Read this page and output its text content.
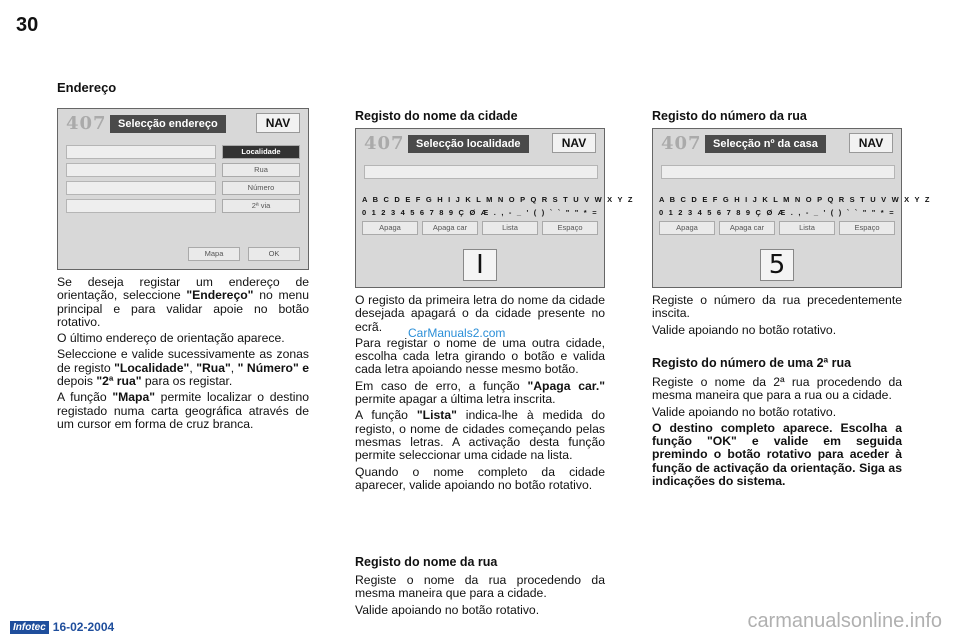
30
Endereço
407	Selecção endereço	NAV
Localidade
Rua
Número
2ª via
Mapa	OK

Se deseja registar um endereço de orientação, seleccione "Endereço" no menu principal e para validar apoie no botão rotativo.

O último endereço de orientação aparece.

Seleccione e valide sucessivamente as zonas de registo "Localidade", "Rua", " Número" e depois "2ª rua" para os registar.

A função "Mapa" permite localizar o destino registado numa carta geográfica através de um cursor em forma de cruz branca.

Registo do nome da cidade
407	Selecção localidade	NAV
A B C D E F G H I J K L M N O P Q R S T U V W X Y Z
0 1 2 3 4 5 6 7 8 9 Ç Ø Æ . , - _ ' ( ) ` ` " " * =
Apaga	Apaga car	Lista	Espaço
I

O registo da primeira letra do nome da cidade desejada apagará o da cidade presente no ecrã.

Para registar o nome de uma outra cidade, escolha cada letra girando o botão e valida cada letra apoiando nesse mesmo botão.

Em caso de erro, a função "Apaga car." permite apagar a última letra inscrita.

A função "Lista" indica-lhe à medida do registo, o nome de cidades começando pelas mesmas letras. A activação desta função permite seleccionar uma cidade na lista.

Quando o nome completo da cidade aparecer, valide apoiando no botão rotativo.

CarManuals2.com
Registo do nome da rua

Registe o nome da rua procedendo da mesma maneira que para a cidade.

Valide apoiando no botão rotativo.

Registo do número da rua
407	Selecção nº da casa	NAV
A B C D E F G H I J K L M N O P Q R S T U V W X Y Z
0 1 2 3 4 5 6 7 8 9 Ç Ø Æ . , - _ ' ( ) ` ` " " * =
Apaga	Apaga car	Lista	Espaço
5

Registe o número da rua precedentemente inscita.

Valide apoiando no botão rotativo.

Registo do número de uma 2ª rua

Registe o nome da 2ª rua procedendo da mesma maneira que para a rua ou a cidade.

Valide apoiando no botão rotativo.

O destino completo aparece. Escolha a função "OK" e valide em seguida premindo o botão rotativo para aceder à função de activação da orientação. Siga as indicações do sistema.

Infotec 16-02-2004	carmanualsonline.info
